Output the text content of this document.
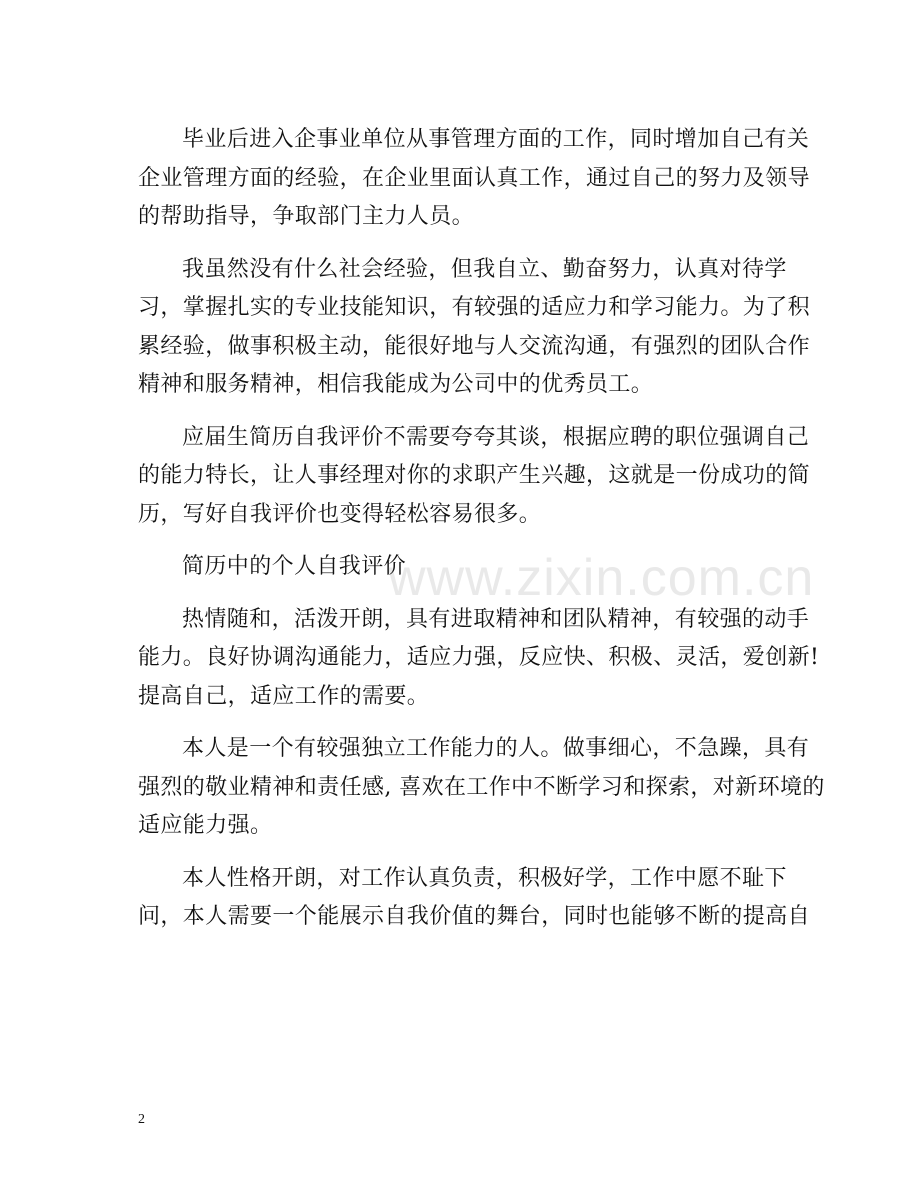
毕业后进入企事业单位从事管理方面的工作，同时增加自己有关
企业管理方面的经验，在企业里面认真工作，通过自己的努力及领导
的帮助指导，争取部门主力人员。

我虽然没有什么社会经验，但我自立、勤奋努力，认真对待学
习，掌握扎实的专业技能知识，有较强的适应力和学习能力。为了积
累经验，做事积极主动，能很好地与人交流沟通，有强烈的团队合作
精神和服务精神，相信我能成为公司中的优秀员工。

应届生简历自我评价不需要夸夸其谈，根据应聘的职位强调自己
的能力特长，让人事经理对你的求职产生兴趣，这就是一份成功的简
历，写好自我评价也变得轻松容易很多。

简历中的个人自我评价

热情随和，活泼开朗，具有进取精神和团队精神，有较强的动手
能力。良好协调沟通能力，适应力强，反应快、积极、灵活，爱创新!
提高自己，适应工作的需要。

本人是一个有较强独立工作能力的人。做事细心，不急躁，具有
强烈的敬业精神和责任感, 喜欢在工作中不断学习和探索，对新环境的
适应能力强。

本人性格开朗，对工作认真负责，积极好学，工作中愿不耻下
问，本人需要一个能展示自我价值的舞台，同时也能够不断的提高自

www.zixin.com.cn
2
